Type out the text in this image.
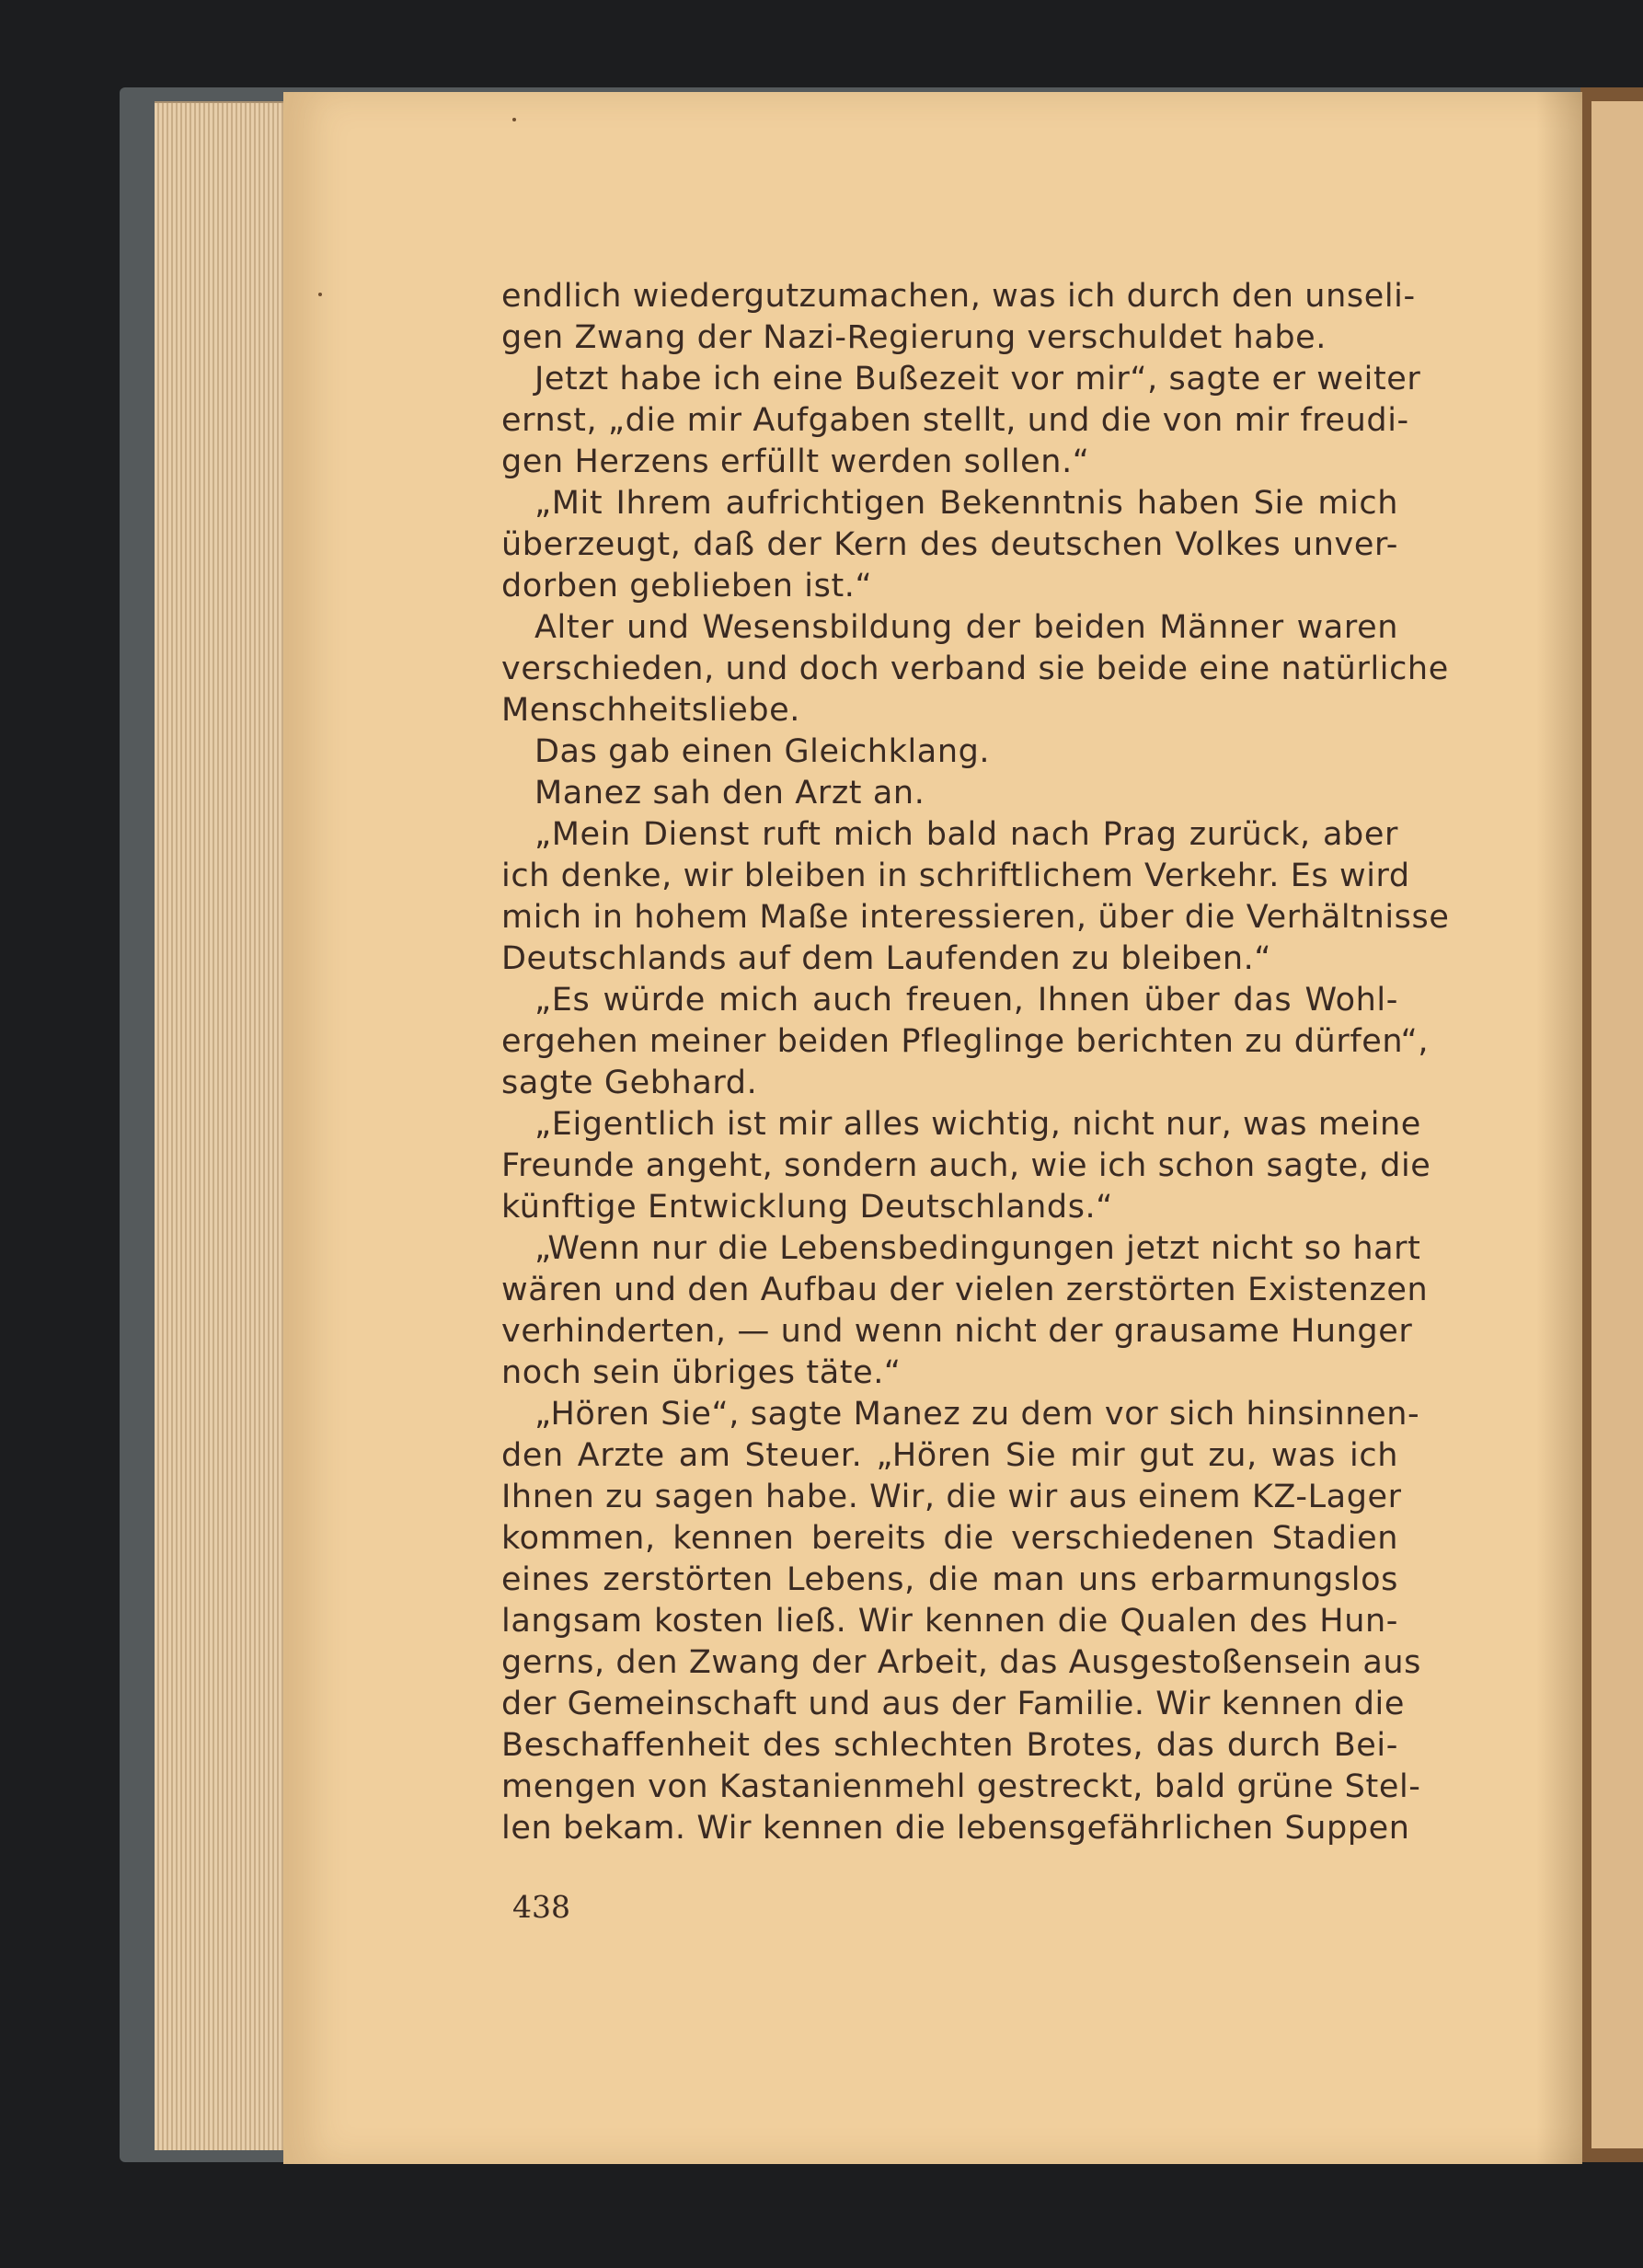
endlich wiedergutzumachen, was ich durch den unseli-
gen Zwang der Nazi-Regierung verschuldet habe.
Jetzt habe ich eine Bußezeit vor mir“, sagte er weiter
ernst, „die mir Aufgaben stellt, und die von mir freudi-
gen Herzens erfüllt werden sollen.“
„Mit Ihrem aufrichtigen Bekenntnis haben Sie mich
überzeugt, daß der Kern des deutschen Volkes unver-
dorben geblieben ist.“
Alter und Wesensbildung der beiden Männer waren
verschieden, und doch verband sie beide eine natürliche
Menschheitsliebe.
Das gab einen Gleichklang.
Manez sah den Arzt an.
„Mein Dienst ruft mich bald nach Prag zurück, aber
ich denke, wir bleiben in schriftlichem Verkehr. Es wird
mich in hohem Maße interessieren, über die Verhältnisse
Deutschlands auf dem Laufenden zu bleiben.“
„Es würde mich auch freuen, Ihnen über das Wohl-
ergehen meiner beiden Pfleglinge berichten zu dürfen“,
sagte Gebhard.
„Eigentlich ist mir alles wichtig, nicht nur, was meine
Freunde angeht, sondern auch, wie ich schon sagte, die
künftige Entwicklung Deutschlands.“
„Wenn nur die Lebensbedingungen jetzt nicht so hart
wären und den Aufbau der vielen zerstörten Existenzen
verhinderten, — und wenn nicht der grausame Hunger
noch sein übriges täte.“
„Hören Sie“, sagte Manez zu dem vor sich hinsinnen-
den Arzte am Steuer. „Hören Sie mir gut zu, was ich
Ihnen zu sagen habe. Wir, die wir aus einem KZ-Lager
kommen, kennen bereits die verschiedenen Stadien
eines zerstörten Lebens, die man uns erbarmungslos
langsam kosten ließ. Wir kennen die Qualen des Hun-
gerns, den Zwang der Arbeit, das Ausgestoßensein aus
der Gemeinschaft und aus der Familie. Wir kennen die
Beschaffenheit des schlechten Brotes, das durch Bei-
mengen von Kastanienmehl gestreckt, bald grüne Stel-
len bekam. Wir kennen die lebensgefährlichen Suppen
438
